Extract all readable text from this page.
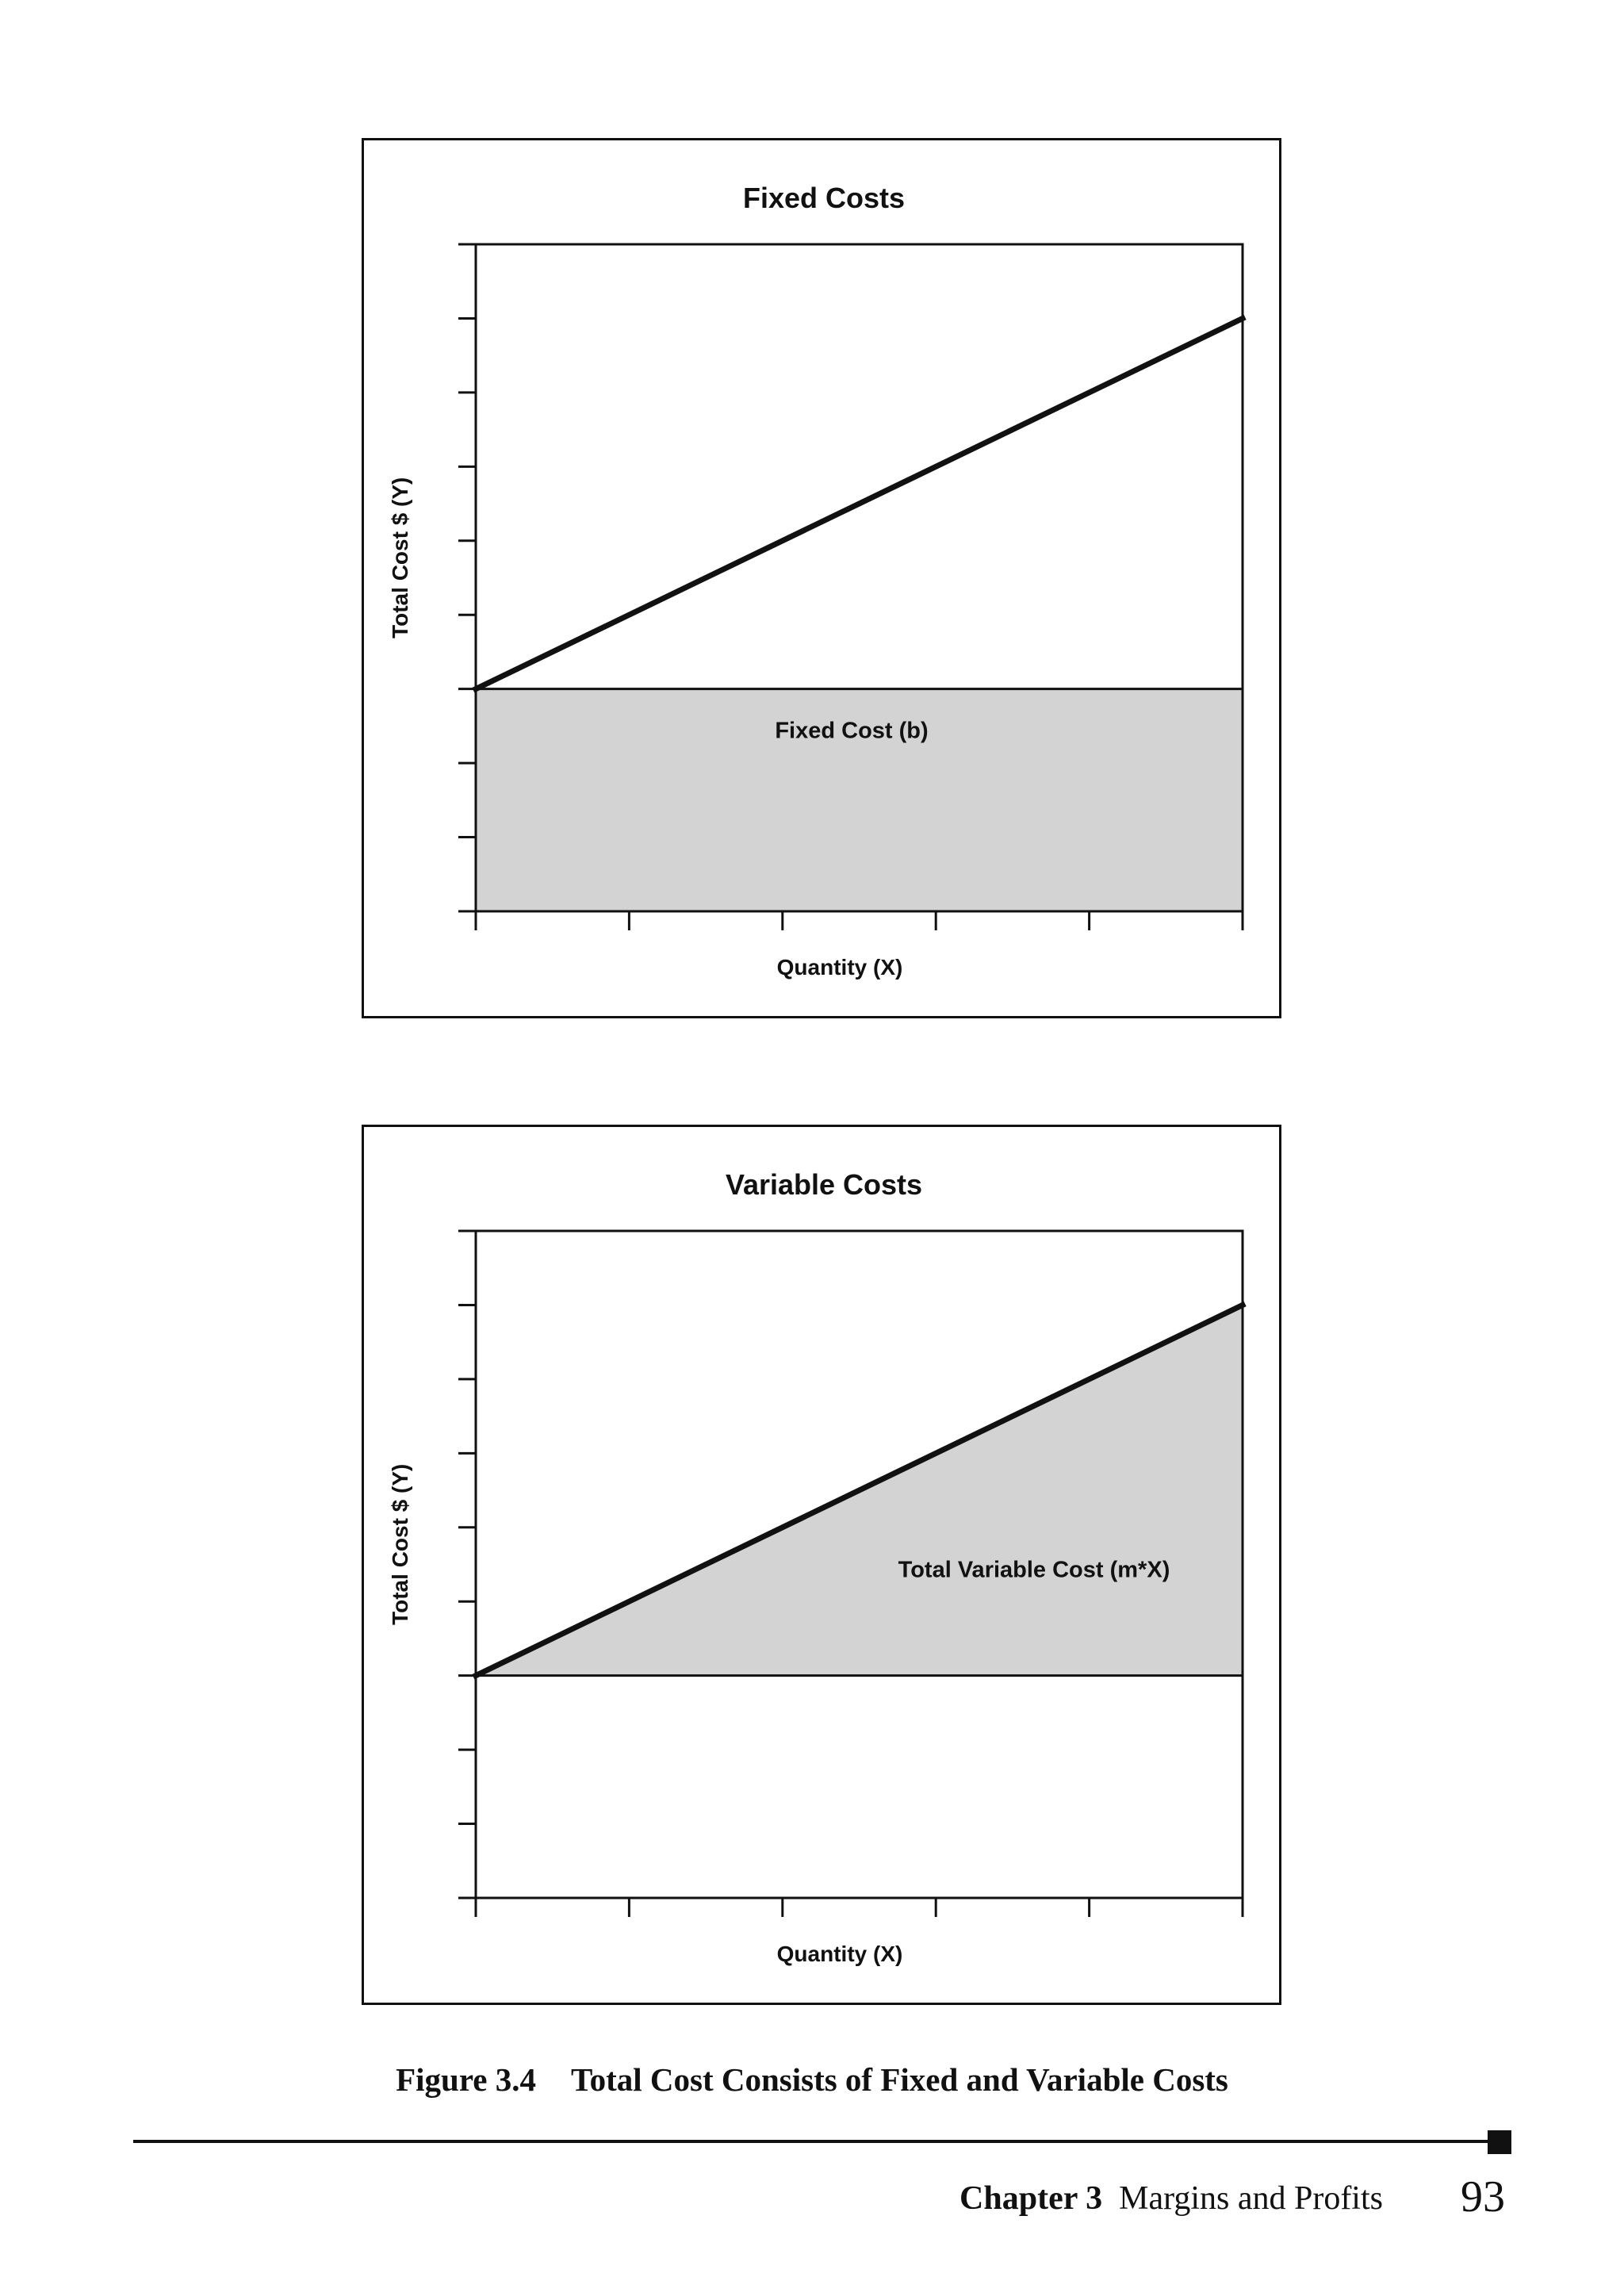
Fixed Costs
Quantity (X)
Total Cost $ (Y)
Fixed Cost (b)
Variable Costs
Quantity (X)
Total Cost $ (Y)	Total Variable Cost (m*X)
Figure 3.4 Total Cost Consists of Fixed and Variable Costs
Chapter 3 Margins and Profits 93
